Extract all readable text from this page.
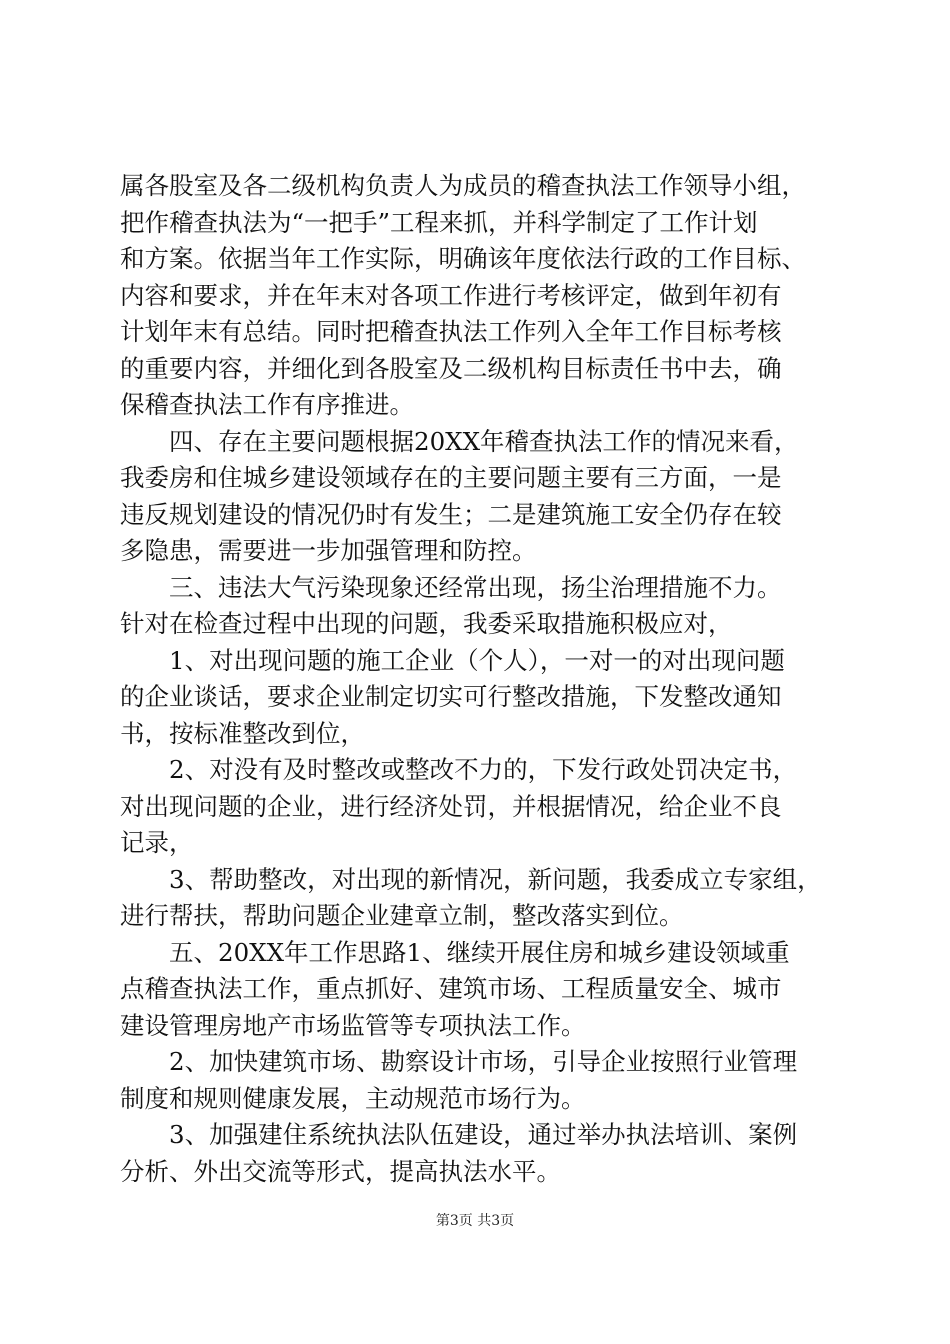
属各股室及各二级机构负责人为成员的稽查执法工作领导小组，
把作稽查执法为“一把手”工程来抓，并科学制定了工作计划
和方案。依据当年工作实际，明确该年度依法行政的工作目标、
内容和要求，并在年末对各项工作进行考核评定，做到年初有
计划年末有总结。同时把稽查执法工作列入全年工作目标考核
的重要内容，并细化到各股室及二级机构目标责任书中去，确
保稽查执法工作有序推进。
　　四、存在主要问题根据20XX年稽查执法工作的情况来看，
我委房和住城乡建设领域存在的主要问题主要有三方面，一是
违反规划建设的情况仍时有发生；二是建筑施工安全仍存在较
多隐患，需要进一步加强管理和防控。
　　三、违法大气污染现象还经常出现，扬尘治理措施不力。
针对在检查过程中出现的问题，我委采取措施积极应对，
　　1、对出现问题的施工企业（个人），一对一的对出现问题
的企业谈话，要求企业制定切实可行整改措施，下发整改通知
书，按标准整改到位，
　　2、对没有及时整改或整改不力的，下发行政处罚决定书，
对出现问题的企业，进行经济处罚，并根据情况，给企业不良
记录，
　　3、帮助整改，对出现的新情况，新问题，我委成立专家组，
进行帮扶，帮助问题企业建章立制，整改落实到位。
　　五、20XX年工作思路1、继续开展住房和城乡建设领域重
点稽查执法工作，重点抓好、建筑市场、工程质量安全、城市
建设管理房地产市场监管等专项执法工作。
　　2、加快建筑市场、勘察设计市场，引导企业按照行业管理
制度和规则健康发展，主动规范市场行为。
　　3、加强建住系统执法队伍建设，通过举办执法培训、案例
分析、外出交流等形式，提高执法水平。
第3页 共3页
